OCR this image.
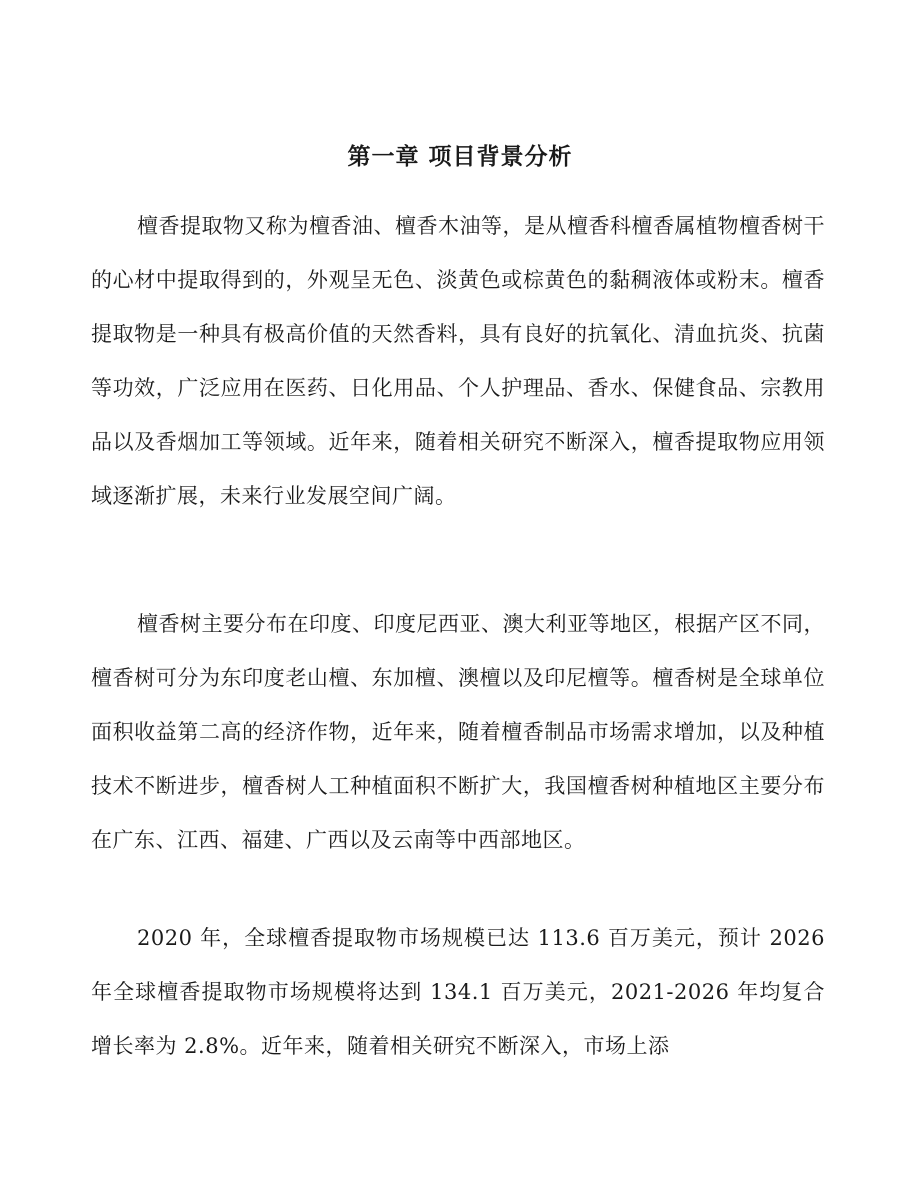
第一章 项目背景分析

檀香提取物又称为檀香油、檀香木油等，是从檀香科檀香属植物檀香树干的心材中提取得到的，外观呈无色、淡黄色或棕黄色的黏稠液体或粉末。檀香提取物是一种具有极高价值的天然香料，具有良好的抗氧化、清血抗炎、抗菌等功效，广泛应用在医药、日化用品、个人护理品、香水、保健食品、宗教用品以及香烟加工等领域。近年来，随着相关研究不断深入，檀香提取物应用领域逐渐扩展，未来行业发展空间广阔。

檀香树主要分布在印度、印度尼西亚、澳大利亚等地区，根据产区不同，檀香树可分为东印度老山檀、东加檀、澳檀以及印尼檀等。檀香树是全球单位面积收益第二高的经济作物，近年来，随着檀香制品市场需求增加，以及种植技术不断进步，檀香树人工种植面积不断扩大，我国檀香树种植地区主要分布在广东、江西、福建、广西以及云南等中西部地区。

2020 年，全球檀香提取物市场规模已达 113.6 百万美元，预计 2026 年全球檀香提取物市场规模将达到 134.1 百万美元，2021-2026 年均复合增长率为 2.8%。近年来，随着相关研究不断深入，市场上添
